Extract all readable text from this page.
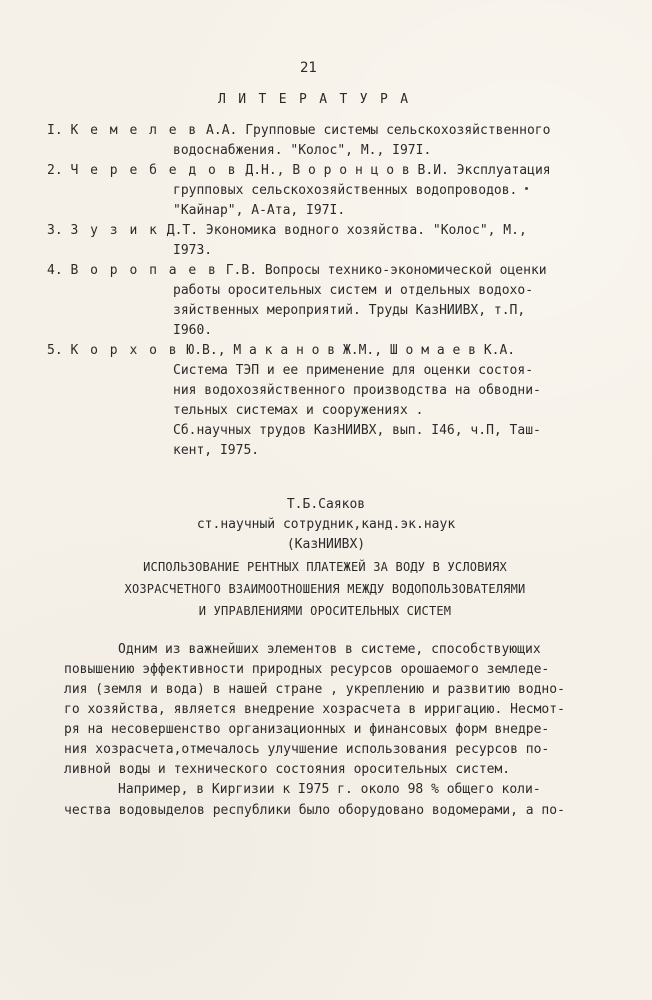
21
Л И Т Е Р А Т У Р А
I. К е м е л е в А.А. Групповые системы сельскохозяйственного
водоснабжения. "Колос", М., I97I.
2. Ч е р е б е д о в Д.Н., В о р о н ц о в В.И. Эксплуатация
групповых сельскохозяйственных водопроводов.
"Кайнар", А-Ата, I97I.
3. З у з и к Д.Т. Экономика водного хозяйства. "Колос", М.,
I973.
4. В о р о п а е в Г.В. Вопросы технико-экономической оценки
работы оросительных систем и отдельных водохо-
зяйственных мероприятий. Труды КазНИИВХ, т.П,
I960.
5. К о р х о в Ю.В., М а к а н о в Ж.М., Ш о м а е в К.А.
Система ТЭП и ее применение для оценки состоя-
ния водохозяйственного производства на обводни-
тельных системах и сооружениях .
Сб.научных трудов КазНИИВХ, вып. I46, ч.П, Таш-
кент, I975.
Т.Б.Саяков
ст.научный сотрудник,канд.эк.наук
(КазНИИВХ)
ИСПОЛЬЗОВАНИЕ РЕНТНЫХ ПЛАТЕЖЕЙ ЗА ВОДУ В УСЛОВИЯХ
ХОЗРАСЧЕТНОГО ВЗАИМООТНОШЕНИЯ МЕЖДУ ВОДОПОЛЬЗОВАТЕЛЯМИ
И УПРАВЛЕНИЯМИ ОРОСИТЕЛЬНЫХ СИСТЕМ
Одним из важнейших элементов в системе, способствующих
повышению эффективности природных ресурсов орошаемого земледе-
лия (земля и вода) в нашей стране , укреплению и развитию водно-
го хозяйства, является внедрение хозрасчета в ирригацию. Несмот-
ря на несовершенство организационных и финансовых форм внедре-
ния хозрасчета,отмечалось улучшение использования ресурсов по-
ливной воды и технического состояния оросительных систем.
Например, в Киргизии к I975 г. около 98 % общего коли-
чества водовыделов республики было оборудовано водомерами, а по-
